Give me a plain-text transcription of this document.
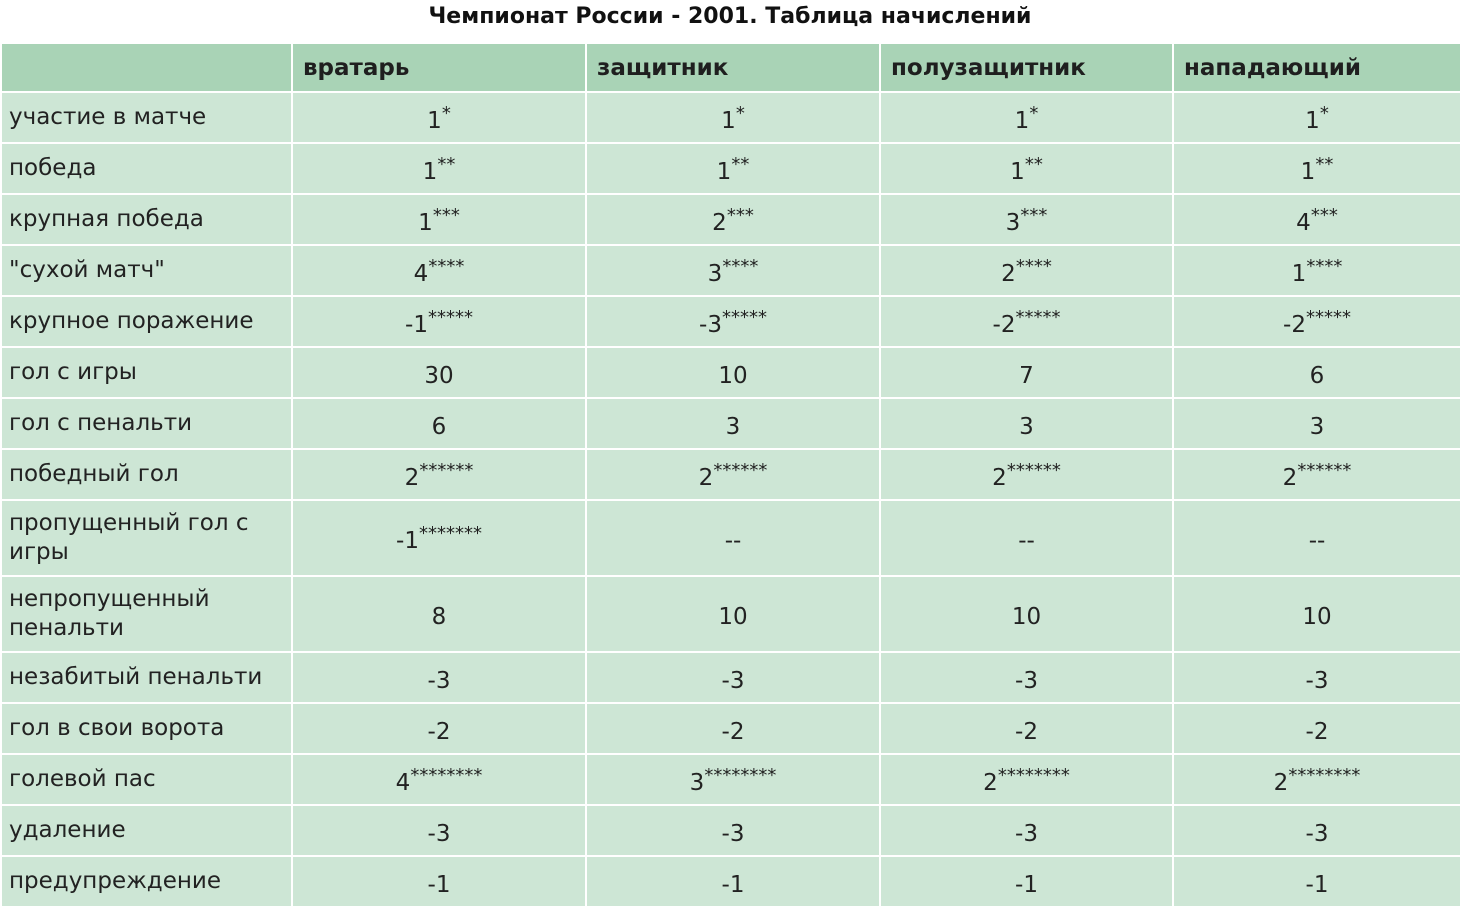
Чемпионат России - 2001. Таблица начислений
	вратарь	защитник	полузащитник	нападающий
участие в матче	1*	1*	1*	1*
победа	1**	1**	1**	1**
крупная победа	1***	2***	3***	4***
"сухой матч"	4****	3****	2****	1****
крупное поражение	-1*****	-3*****	-2*****	-2*****
гол с игры	30	10	7	6
гол с пенальти	6	3	3	3
победный гол	2******	2******	2******	2******
пропущенный гол с игры	-1*******	--	--	--
непропущенный пенальти	8	10	10	10
незабитый пенальти	-3	-3	-3	-3
гол в свои ворота	-2	-2	-2	-2
голевой пас	4********	3********	2********	2********
удаление	-3	-3	-3	-3
предупреждение	-1	-1	-1	-1
